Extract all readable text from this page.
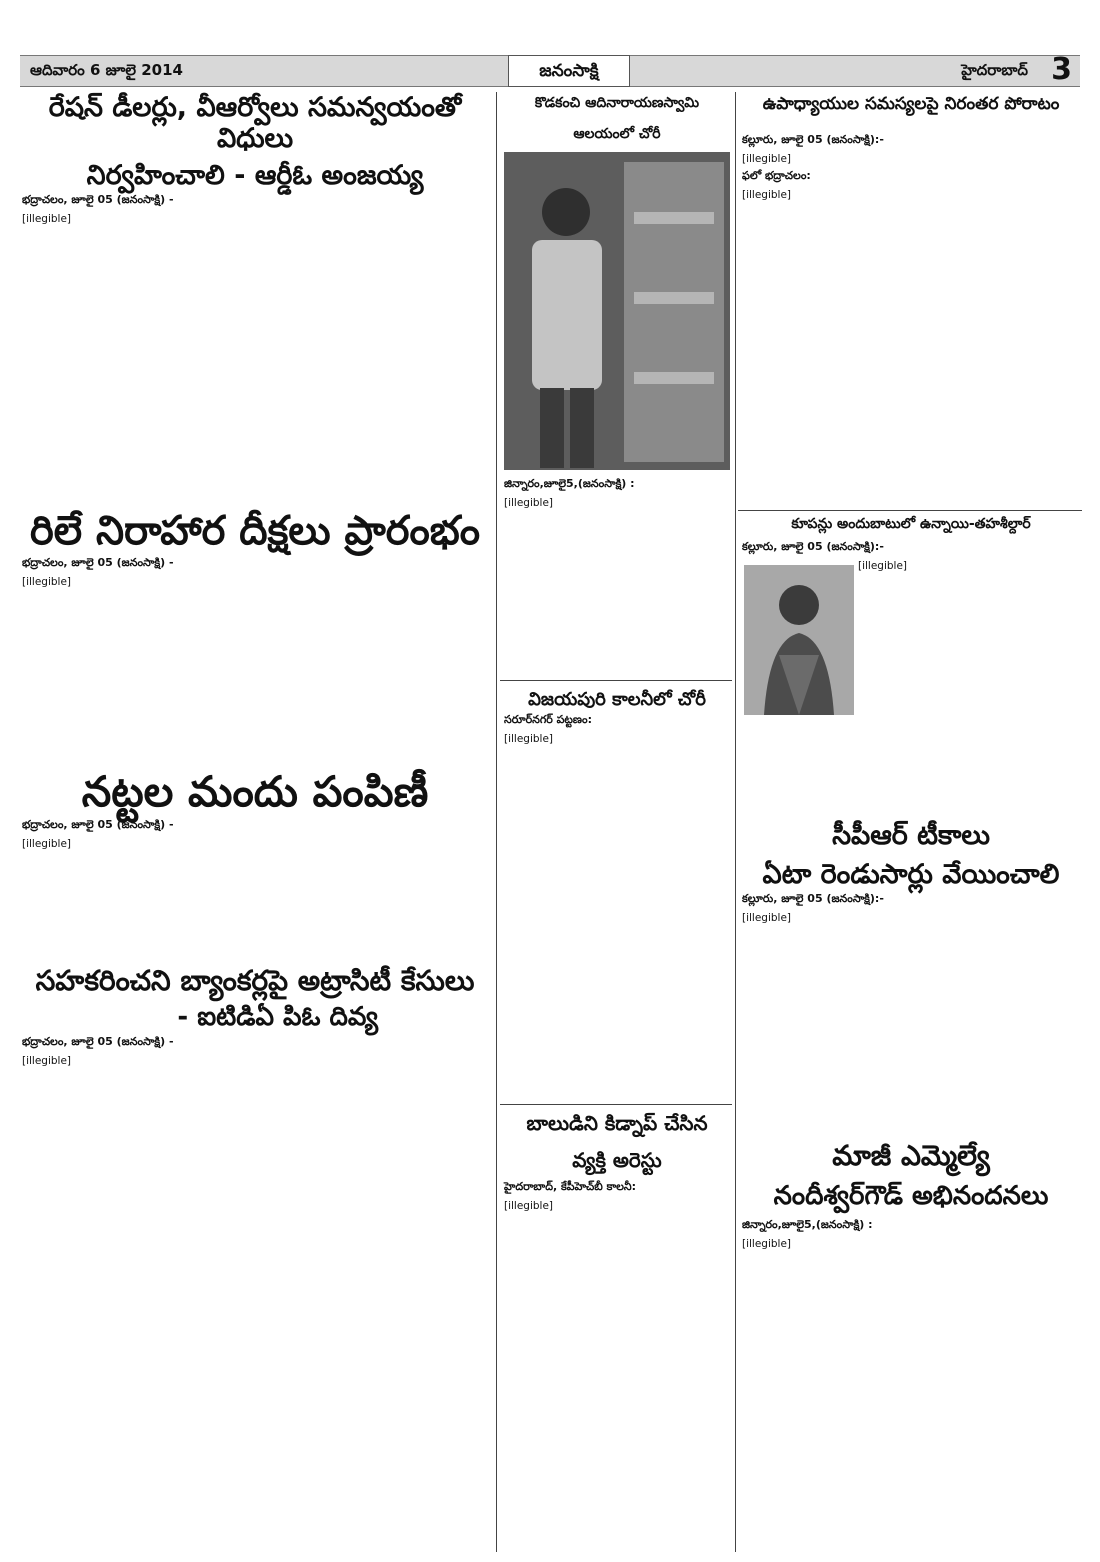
ఆదివారం 6 జూలై 2014	జనంసాక్షి	హైదరాబాద్ 3
రేషన్ డీలర్లు, వీఆర్వోలు సమన్వయంతో విధులు
నిర్వహించాలి - ఆర్డీఓ అంజయ్య
భద్రాచలం, జూలై 05 (జనంసాక్షి) -

[illegible]

రిలే నిరాహార దీక్షలు ప్రారంభం
భద్రాచలం, జూలై 05 (జనంసాక్షి) -

[illegible]

నట్టల మందు పంపిణీ
భద్రాచలం, జూలై 05 (జనంసాక్షి) -

[illegible]

సహకరించని బ్యాంకర్లపై అట్రాసిటీ కేసులు
- ఐటిడిఏ పిఓ దివ్య
భద్రాచలం, జూలై 05 (జనంసాక్షి) -

[illegible]

కొడకంచి ఆదినారాయణస్వామి
ఆలయంలో చోరీ
జిన్నారం,జూలై5,(జనంసాక్షి) :

[illegible]

విజయపురి కాలనీలో చోరీ
సరూర్‌నగర్ పట్టణం:

[illegible]

బాలుడిని కిడ్నాప్ చేసిన
వ్యక్తి అరెస్టు
హైదరాబాద్, కేపీహెచ్‌బీ కాలనీ:

[illegible]

ఉపాధ్యాయుల సమస్యలపై నిరంతర పోరాటం
కల్లూరు, జూలై 05 (జనంసాక్షి):-

[illegible]

ఫలో భద్రాచలం:

[illegible]

కూపన్లు అందుబాటులో ఉన్నాయి-తహశీల్దార్
కల్లూరు, జూలై 05 (జనంసాక్షి):-

[illegible]

సీపీఆర్ టీకాలు
ఏటా రెండుసార్లు వేయించాలి
కల్లూరు, జూలై 05 (జనంసాక్షి):-

[illegible]

మాజీ ఎమ్మెల్యే
నందీశ్వర్‌గౌడ్ అభినందనలు
జిన్నారం,జూలై5,(జనంసాక్షి) :

[illegible]
